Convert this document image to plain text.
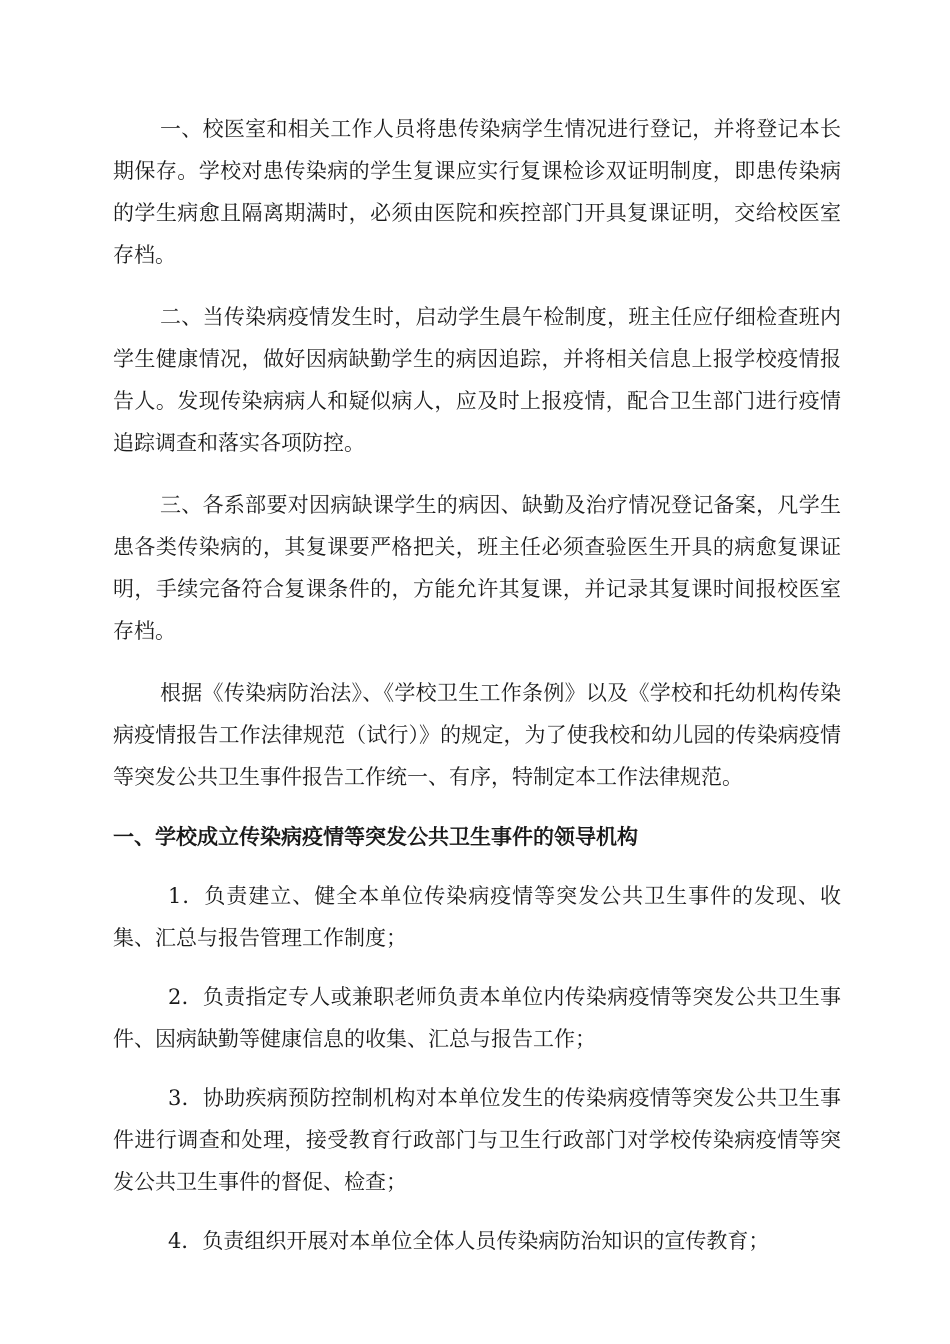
一、校医室和相关工作人员将患传染病学生情况进行登记，并将登记本长期保存。学校对患传染病的学生复课应实行复课检诊双证明制度，即患传染病的学生病愈且隔离期满时，必须由医院和疾控部门开具复课证明，交给校医室存档。

二、当传染病疫情发生时，启动学生晨午检制度，班主任应仔细检查班内学生健康情况，做好因病缺勤学生的病因追踪，并将相关信息上报学校疫情报告人。发现传染病病人和疑似病人，应及时上报疫情，配合卫生部门进行疫情追踪调查和落实各项防控。

三、各系部要对因病缺课学生的病因、缺勤及治疗情况登记备案，凡学生患各类传染病的，其复课要严格把关，班主任必须查验医生开具的病愈复课证明，手续完备符合复课条件的，方能允许其复课，并记录其复课时间报校医室存档。

根据《传染病防治法》、《学校卫生工作条例》以及《学校和托幼机构传染病疫情报告工作法律规范（试行）》的规定，为了使我校和幼儿园的传染病疫情等突发公共卫生事件报告工作统一、有序，特制定本工作法律规范。

一、学校成立传染病疫情等突发公共卫生事件的领导机构

1．负责建立、健全本单位传染病疫情等突发公共卫生事件的发现、收集、汇总与报告管理工作制度；

2．负责指定专人或兼职老师负责本单位内传染病疫情等突发公共卫生事件、因病缺勤等健康信息的收集、汇总与报告工作；

3．协助疾病预防控制机构对本单位发生的传染病疫情等突发公共卫生事件进行调查和处理，接受教育行政部门与卫生行政部门对学校传染病疫情等突发公共卫生事件的督促、检查；

4．负责组织开展对本单位全体人员传染病防治知识的宣传教育；
